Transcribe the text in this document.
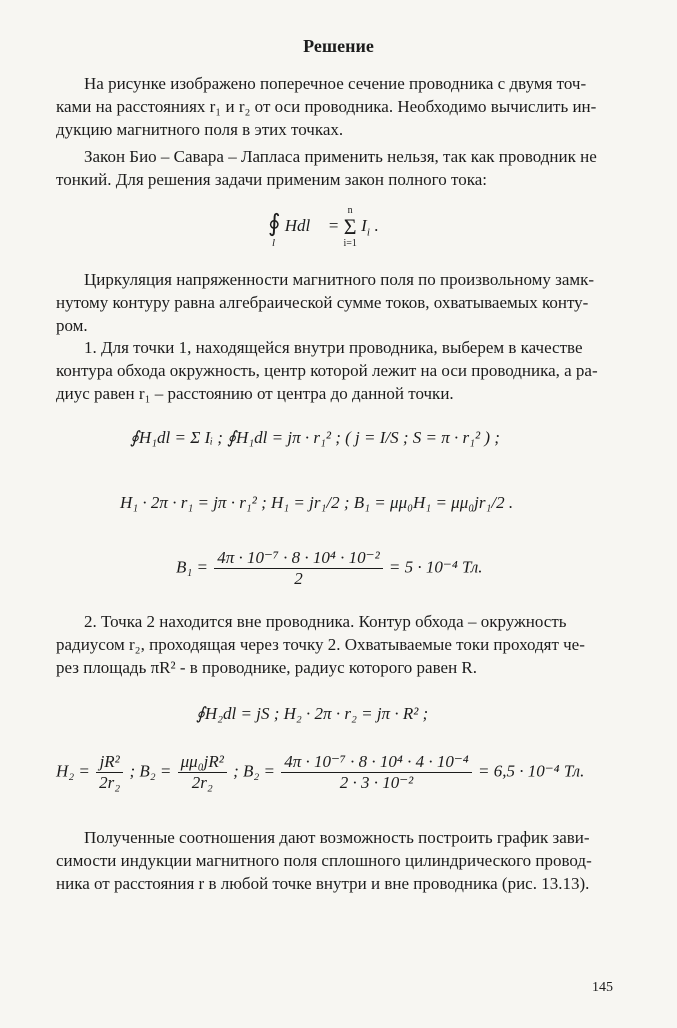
Решение
На рисунке изображено поперечное сечение проводника с двумя точ-
ками на расстояниях r₁ и r₂ от оси проводника. Необходимо вычислить ин-
дукцию магнитного поля в этих точках.
Закон Био – Савара – Лапласа применить нельзя, так как проводник не
тонкий. Для решения задачи применим закон полного тока:
∮
l
Hdl⃗ =
n
Σ
i=1
$I_i$ .
Циркуляция напряженности магнитного поля по произвольному замк-
нутому контуру равна алгебраической сумме токов, охватываемых конту-
ром.
1. Для точки 1, находящейся внутри проводника, выберем в качестве
контура обхода окружность, центр которой лежит на оси проводника, а ра-
диус равен r₁ – расстоянию от центра до данной точки.
∮H₁dl = Σ Iᵢ ; ∮H₁dl = jπ · r₁² ; ( j = I/S ; S = π · r₁² ) ;
H₁ · 2π · r₁ = jπ · r₁² ; H₁ = jr₁/2 ; B₁ = μμ₀H₁ = μμ₀jr₁/2 .
$B_1 = \frac{\text{4π · 10⁻⁷ · 8 · 10⁴ · 10⁻²}}{2} = 5 \cdot 10^{-4}$ Тл.
2. Точка 2 находится вне проводника. Контур обхода – окружность
радиусом r₂, проходящая через точку 2. Охватываемые токи проходят че-
рез площадь πR² - в проводнике, радиус которого равен R.
∮H₂dl = jS ; H₂ · 2π · r₂ = jπ · R² ;
$H_2 = \frac{\text{jR²}}{\text{2r₂}}$ ; $B_2 = \frac{\text{μμ₀jR²}}{\text{2r₂}}$ ; $B_2 = \frac{\text{4π · 10⁻⁷ · 8 · 10⁴ · 4 · 10⁻⁴}}{\text{2 · 3 · 10⁻²}} = 6,5 \cdot 10^{-4}$ Тл.
Полученные соотношения дают возможность построить график зави-
симости индукции магнитного поля сплошного цилиндрического провод-
ника от расстояния r в любой точке внутри и вне проводника (рис. 13.13).
145
